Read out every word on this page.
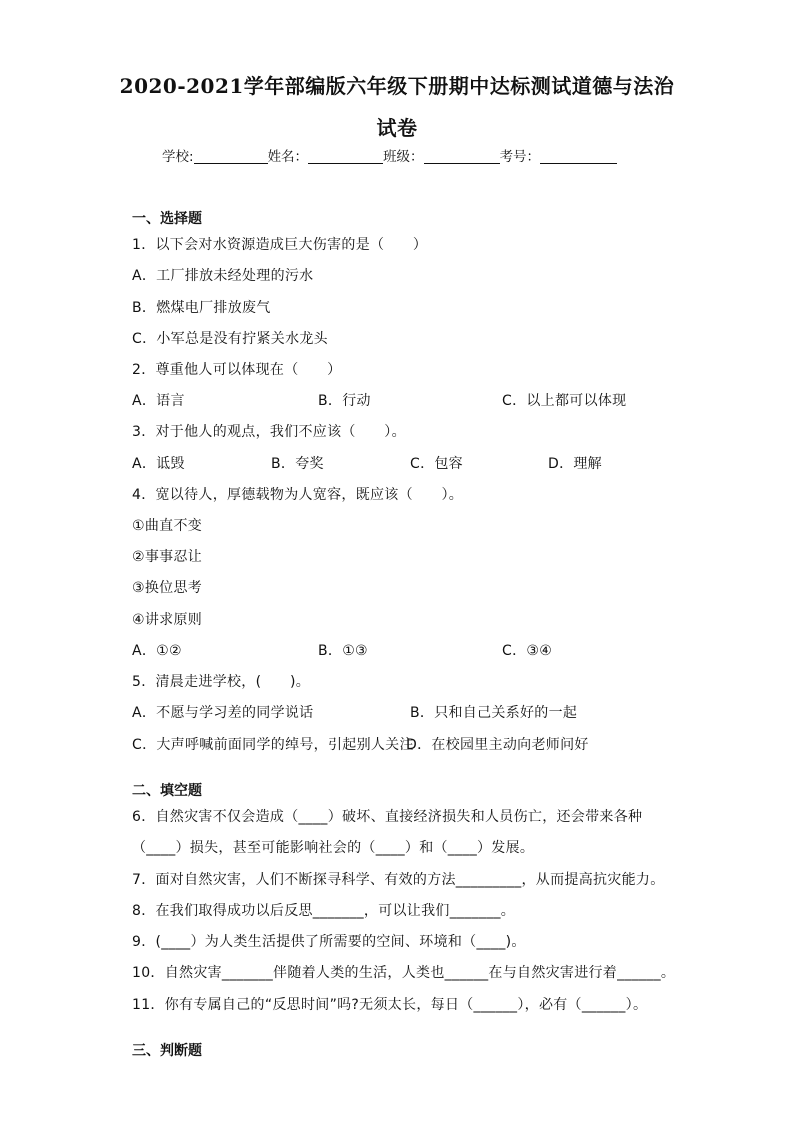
2020-2021学年部编版六年级下册期中达标测试道德与法治
试卷
学校:	姓名：	班级：	考号：
一、选择题
1．以下会对水资源造成巨大伤害的是（　　）
A．工厂排放未经处理的污水
B．燃煤电厂排放废气
C．小军总是没有拧紧关水龙头
2．尊重他人可以体现在（　　）
A．语言	B．行动	C．以上都可以体现
3．对于他人的观点，我们不应该（　　）。
A．诋毁	B．夸奖	C．包容	D．理解
4．宽以待人，厚德载物为人宽容，既应该（　　）。
①曲直不变
②事事忍让
③换位思考
④讲求原则
A．①②	B．①③	C．③④
5．清晨走进学校，(　　)。
A．不愿与学习差的同学说话	B．只和自己关系好的一起
C．大声呼喊前面同学的绰号，引起别人关注
D．在校园里主动向老师问好
二、填空题
6．自然灾害不仅会造成（____）破坏、直接经济损失和人员伤亡，还会带来各种
（____）损失，甚至可能影响社会的（____）和（____）发展。
7．面对自然灾害，人们不断探寻科学、有效的方法_________，从而提高抗灾能力。
8．在我们取得成功以后反思_______，可以让我们_______。
9．(____）为人类生活提供了所需要的空间、环境和（____)。
10．自然灾害_______伴随着人类的生活，人类也______在与自然灾害进行着______。
11．你有专属自己的“反思时间”吗?无须太长，每日（______），必有（______）。
三、判断题
